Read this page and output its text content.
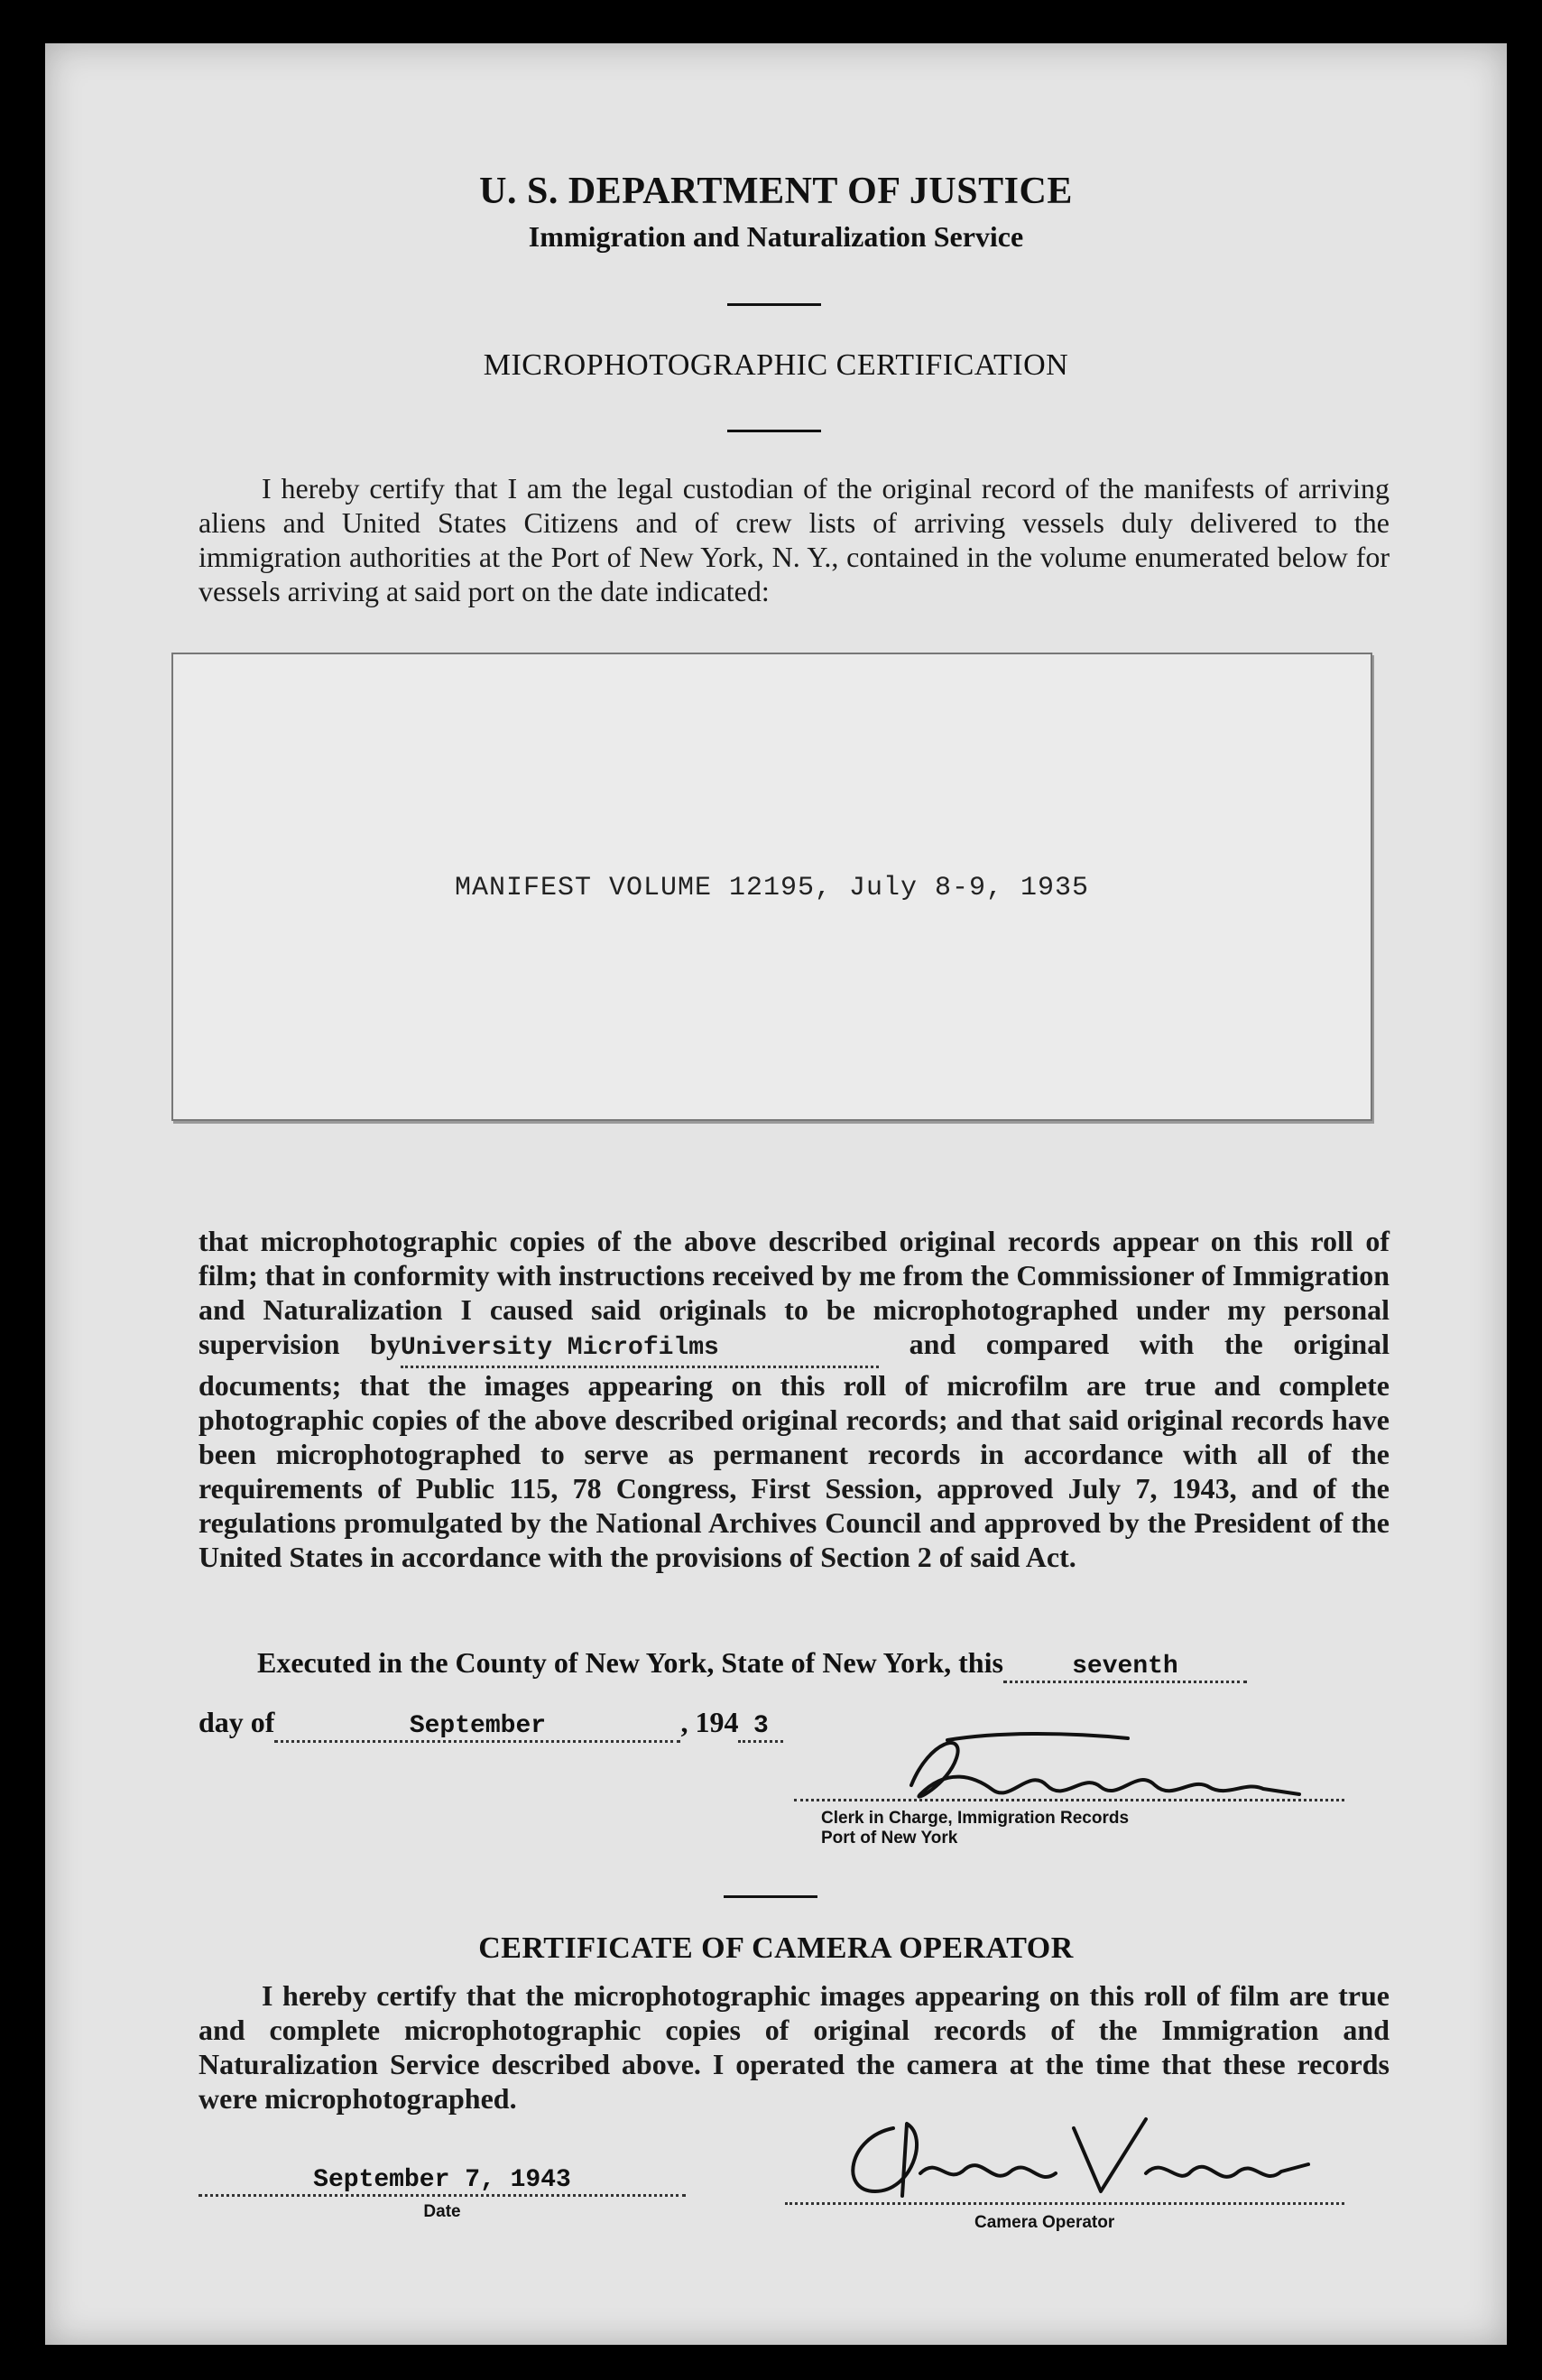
U. S. DEPARTMENT OF JUSTICE
Immigration and Naturalization Service
MICROPHOTOGRAPHIC CERTIFICATION
I hereby certify that I am the legal custodian of the original record of the manifests of arriving aliens and United States Citizens and of crew lists of arriving vessels duly delivered to the immigration authorities at the Port of New York, N. Y., contained in the volume enumerated below for vessels arriving at said port on the date indicated:
MANIFEST VOLUME 12195, July 8-9, 1935
that microphotographic copies of the above described original records appear on this roll of film; that in conformity with instructions received by me from the Commissioner of Immigration and Naturalization I caused said originals to be microphotographed under my personal supervision byUniversity Microfilms	and compared with the original documents; that the images appearing on this roll of microfilm are true and complete photographic copies of the above described original records; and that said original records have been microphotographed to serve as permanent records in accordance with all of the requirements of Public 115, 78 Congress, First Session, approved July 7, 1943, and of the regulations promulgated by the National Archives Council and approved by the President of the United States in accordance with the provisions of Section 2 of said Act.
Executed in the County of New York, State of New York, this	seventh
day of	September	, 194 3
Clerk in Charge, Immigration Records
Port of New York
CERTIFICATE OF CAMERA OPERATOR
I hereby certify that the microphotographic images appearing on this roll of film are true and complete microphotographic copies of original records of the Immigration and Naturalization Service described above. I operated the camera at the time that these records were microphotographed.
September 7, 1943
Date
Camera Operator
